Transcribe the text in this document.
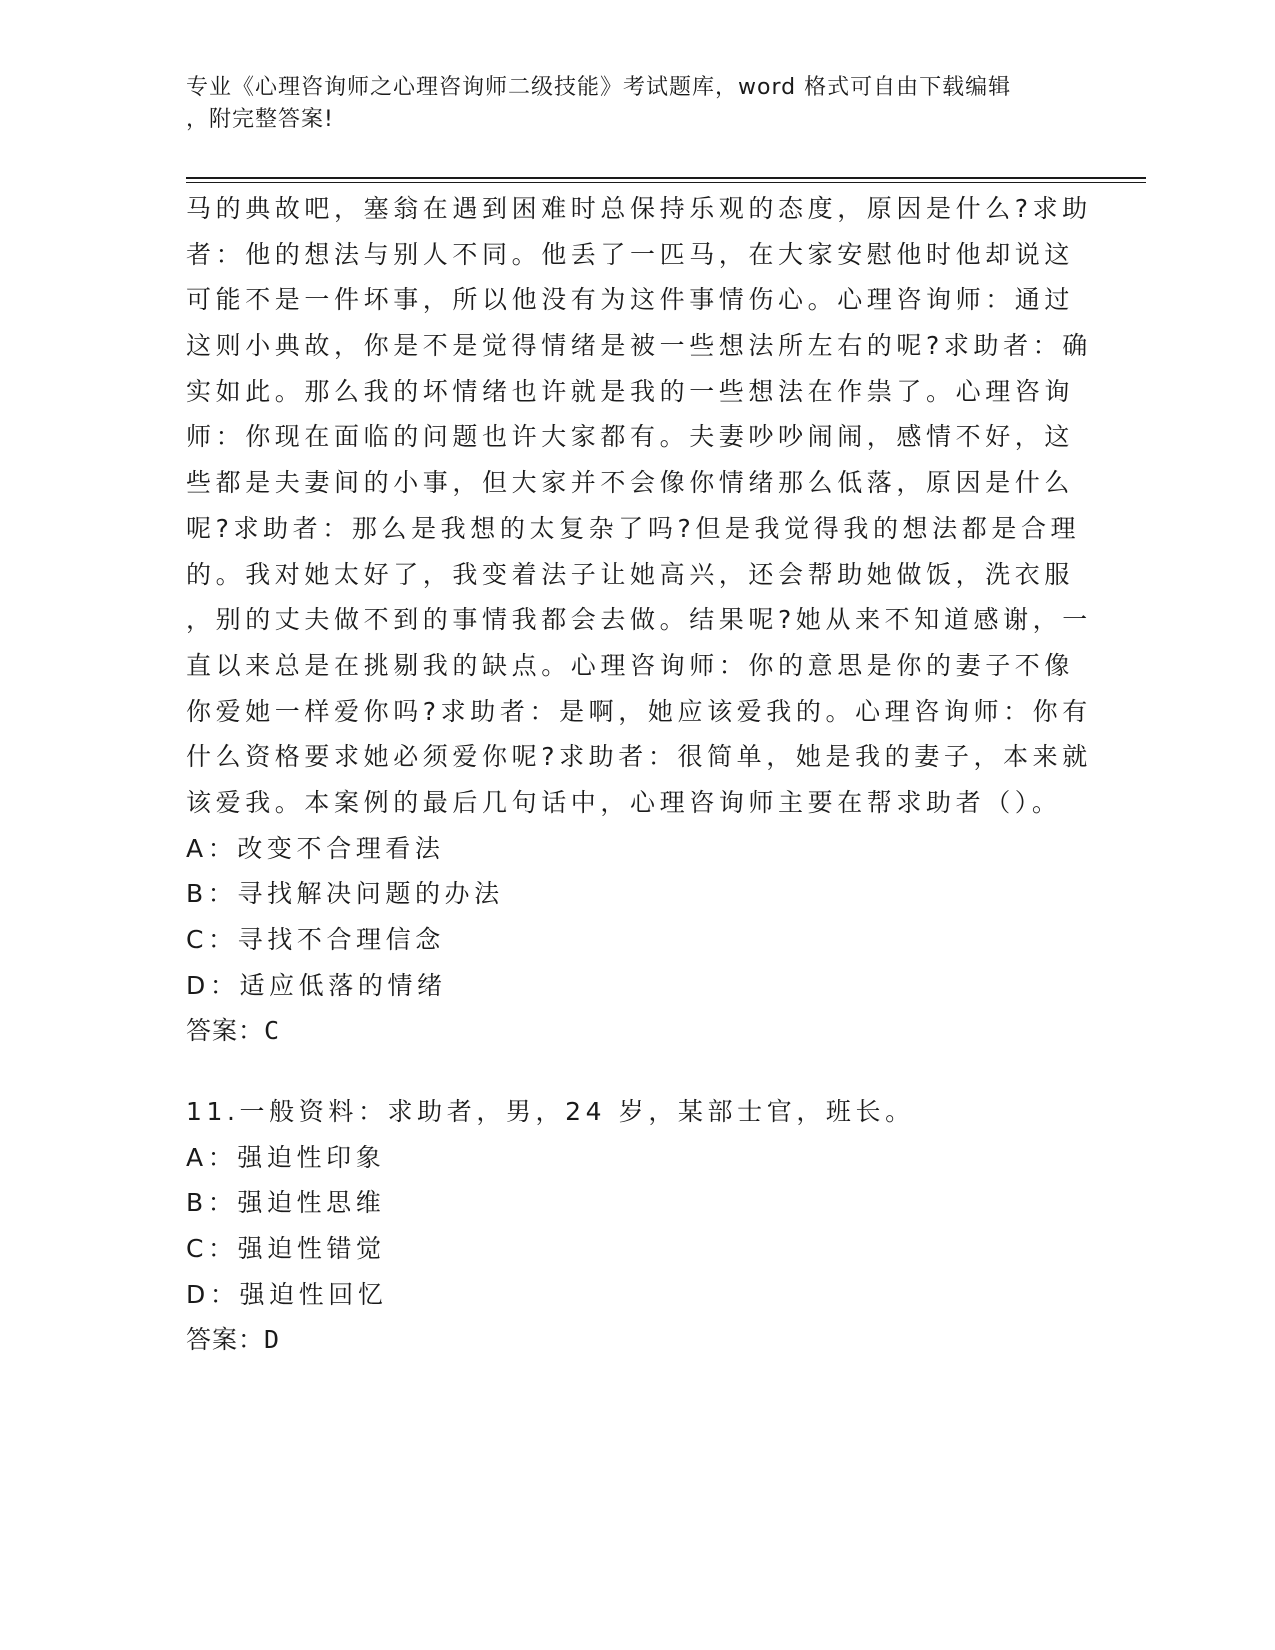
专业《心理咨询师之心理咨询师二级技能》考试题库，word 格式可自由下载编辑
，附完整答案!
马的典故吧，塞翁在遇到困难时总保持乐观的态度，原因是什么?求助
者：他的想法与别人不同。他丢了一匹马，在大家安慰他时他却说这
可能不是一件坏事，所以他没有为这件事情伤心。心理咨询师：通过
这则小典故，你是不是觉得情绪是被一些想法所左右的呢?求助者：确
实如此。那么我的坏情绪也许就是我的一些想法在作祟了。心理咨询
师：你现在面临的问题也许大家都有。夫妻吵吵闹闹，感情不好，这
些都是夫妻间的小事，但大家并不会像你情绪那么低落，原因是什么
呢?求助者：那么是我想的太复杂了吗?但是我觉得我的想法都是合理
的。我对她太好了，我变着法子让她高兴，还会帮助她做饭，洗衣服
，别的丈夫做不到的事情我都会去做。结果呢?她从来不知道感谢，一
直以来总是在挑剔我的缺点。心理咨询师：你的意思是你的妻子不像
你爱她一样爱你吗?求助者：是啊，她应该爱我的。心理咨询师：你有
什么资格要求她必须爱你呢?求助者：很简单，她是我的妻子，本来就
该爱我。本案例的最后几句话中，心理咨询师主要在帮求助者（）。
A：改变不合理看法
B：寻找解决问题的办法
C：寻找不合理信念
D：适应低落的情绪
答案：C
11.一般资料：求助者，男，24 岁，某部士官，班长。
A：强迫性印象
B：强迫性思维
C：强迫性错觉
D：强迫性回忆
答案：D
